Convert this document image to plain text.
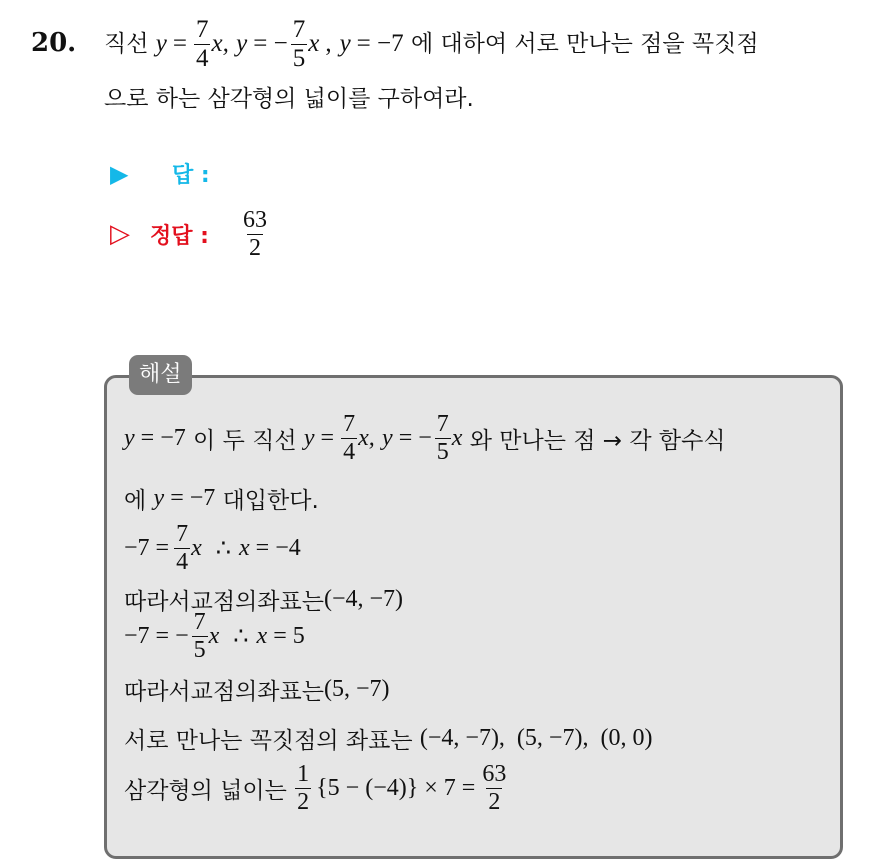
20. 직선
$y = \frac{7}{4} x$,
y = − $\frac{7}{5}$ x , y = −7
에 대하여 서로 만나는 점을 꼭짓점
으로 하는 삼각형의 넓이를 구하여라.
▶	답 :
▷ 정답 :	$\frac{63}{2}$
해설
y = −7
이 두 직선
$y = \frac{7}{4} x$,
y = − $\frac{7}{5}$ x
와 만나는 점 → 각 함수식
에
y = −7
대입한다.
$-7 = \frac{7}{4}$ x ∴ x = −4
따라서교점의좌표는 (−4, −7)
−7 = − $\frac{7}{5}$ x ∴ x = 5
따라서교점의좌표는 (5, −7)
서로 만나는 꼭짓점의 좌표는
(−4, −7),  (5, −7),  (0, 0)
삼각형의 넓이는
$\frac{1}{2} \{5 - (-4)\} \times 7 = \frac{63}{2}$
